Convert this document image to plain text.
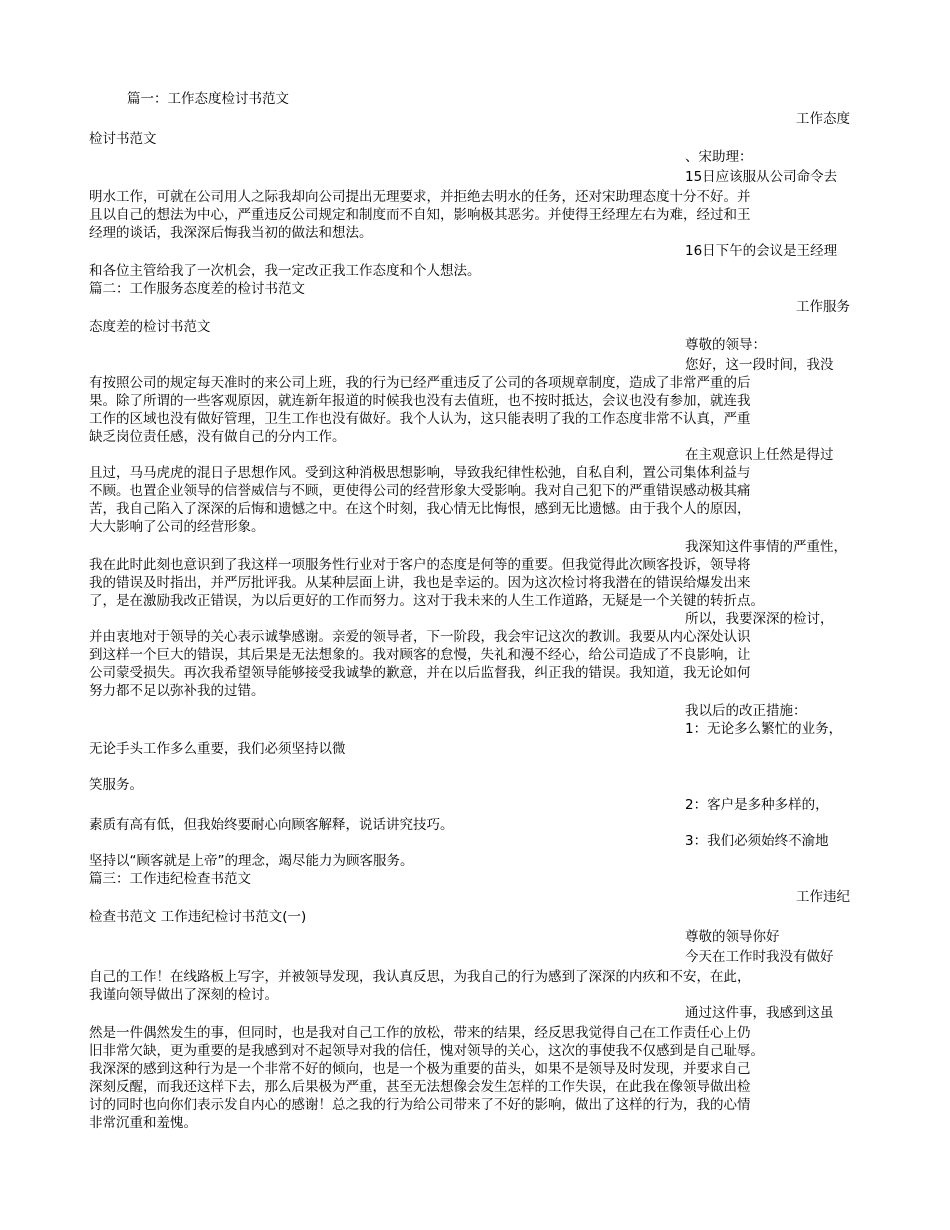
篇一：工作态度检讨书范文

工作态度

检讨书范文

、宋助理：

15日应该服从公司命令去

明水工作，可就在公司用人之际我却向公司提出无理要求，并拒绝去明水的任务，还对宋助理态度十分不好。并

且以自己的想法为中心，严重违反公司规定和制度而不自知，影响极其恶劣。并使得王经理左右为难，经过和王

经理的谈话，我深深后悔我当初的做法和想法。

16日下午的会议是王经理

和各位主管给我了一次机会，我一定改正我工作态度和个人想法。

篇二：工作服务态度差的检讨书范文

工作服务

态度差的检讨书范文

尊敬的领导：

您好，这一段时间，我没

有按照公司的规定每天准时的来公司上班，我的行为已经严重违反了公司的各项规章制度，造成了非常严重的后

果。除了所谓的一些客观原因，就连新年报道的时候我也没有去值班，也不按时抵达，会议也没有参加，就连我

工作的区域也没有做好管理，卫生工作也没有做好。我个人认为，这只能表明了我的工作态度非常不认真，严重

缺乏岗位责任感，没有做自己的分内工作。

在主观意识上任然是得过

且过，马马虎虎的混日子思想作风。受到这种消极思想影响，导致我纪律性松弛，自私自利，置公司集体利益与

不顾。也置企业领导的信誉威信与不顾，更使得公司的经营形象大受影响。我对自己犯下的严重错误感动极其痛

苦，我自己陷入了深深的后悔和遗憾之中。在这个时刻，我心情无比悔恨，感到无比遗憾。由于我个人的原因，

大大影响了公司的经营形象。

我深知这件事情的严重性，

我在此时此刻也意识到了我这样一项服务性行业对于客户的态度是何等的重要。但我觉得此次顾客投诉，领导将

我的错误及时指出，并严厉批评我。从某种层面上讲，我也是幸运的。因为这次检讨将我潜在的错误给爆发出来

了，是在激励我改正错误，为以后更好的工作而努力。这对于我未来的人生工作道路，无疑是一个关键的转折点。

所以，我要深深的检讨，

并由衷地对于领导的关心表示诚挚感谢。亲爱的领导者，下一阶段，我会牢记这次的教训。我要从内心深处认识

到这样一个巨大的错误，其后果是无法想象的。我对顾客的怠慢，失礼和漫不经心，给公司造成了不良影响，让

公司蒙受损失。再次我希望领导能够接受我诚挚的歉意，并在以后监督我，纠正我的错误。我知道，我无论如何

努力都不足以弥补我的过错。

我以后的改正措施：

1：无论多么繁忙的业务，

无论手头工作多么重要，我们必须坚持以微

笑服务。

2：客户是多种多样的，

素质有高有低，但我始终要耐心向顾客解释，说话讲究技巧。

3：我们必须始终不渝地

坚持以“顾客就是上帝”的理念，竭尽能力为顾客服务。

篇三：工作违纪检查书范文

工作违纪

检查书范文 工作违纪检讨书范文(一)

尊敬的领导你好

今天在工作时我没有做好

自己的工作！在线路板上写字，并被领导发现，我认真反思，为我自己的行为感到了深深的内疚和不安，在此，

我谨向领导做出了深刻的检讨。

通过这件事，我感到这虽

然是一件偶然发生的事，但同时，也是我对自己工作的放松，带来的结果，经反思我觉得自己在工作责任心上仍

旧非常欠缺，更为重要的是我感到对不起领导对我的信任，愧对领导的关心，这次的事使我不仅感到是自己耻辱。

我深深的感到这种行为是一个非常不好的倾向，也是一个极为重要的苗头，如果不是领导及时发现，并要求自己

深刻反醒，而我还这样下去，那么后果极为严重，甚至无法想像会发生怎样的工作失误，在此我在像领导做出检

讨的同时也向你们表示发自内心的感谢！总之我的行为给公司带来了不好的影响，做出了这样的行为，我的心情

非常沉重和羞愧。
